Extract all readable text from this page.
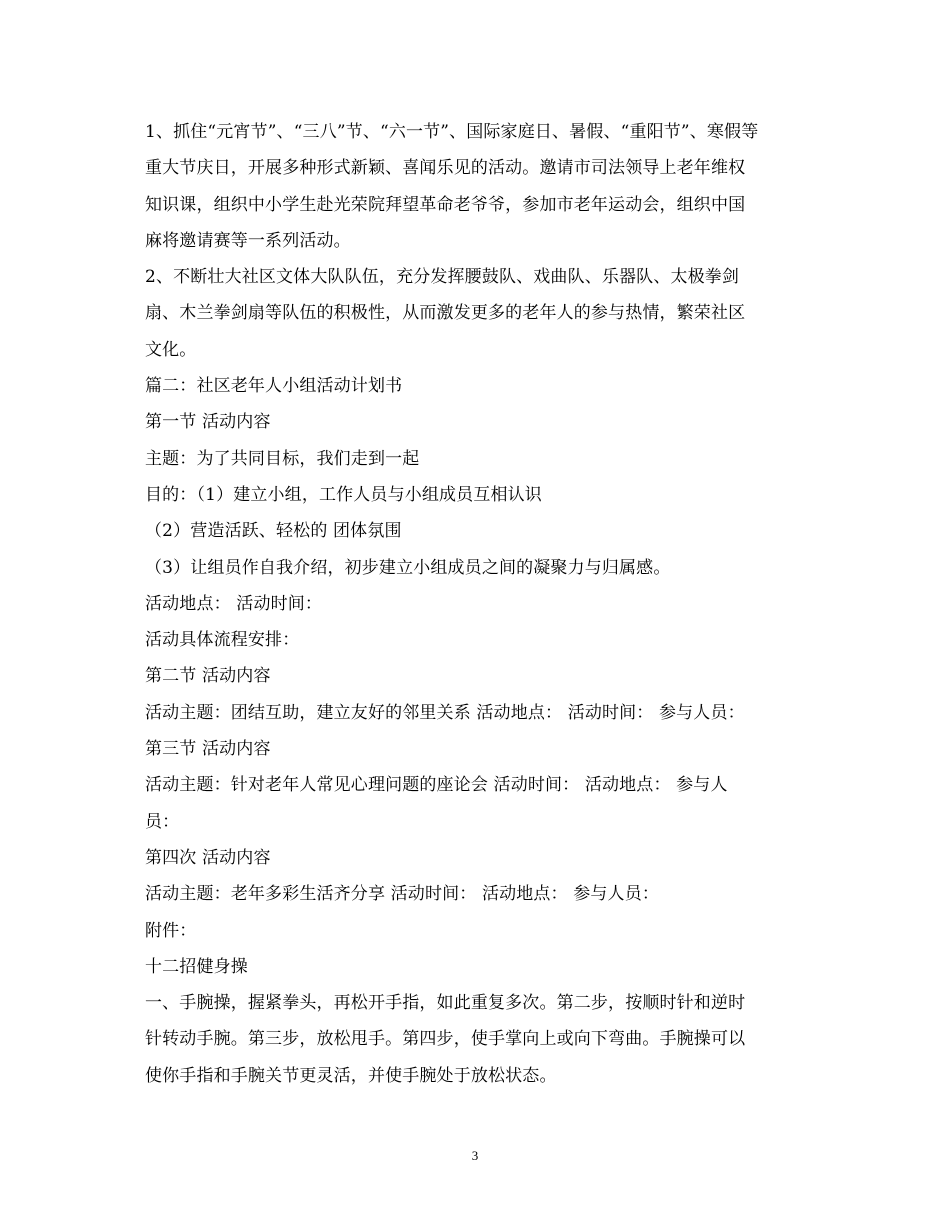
1、抓住“元宵节”、“三八”节、“六一节”、国际家庭日、暑假、“重阳节”、寒假等
重大节庆日，开展多种形式新颖、喜闻乐见的活动。邀请市司法领导上老年维权
知识课，组织中小学生赴光荣院拜望革命老爷爷，参加市老年运动会，组织中国
麻将邀请赛等一系列活动。
2、不断壮大社区文体大队队伍，充分发挥腰鼓队、戏曲队、乐器队、太极拳剑
扇、木兰拳剑扇等队伍的积极性，从而激发更多的老年人的参与热情，繁荣社区
文化。
篇二：社区老年人小组活动计划书
第一节 活动内容
主题：为了共同目标，我们走到一起
目的：（1）建立小组，工作人员与小组成员互相认识
（2）营造活跃、轻松的 团体氛围
（3）让组员作自我介绍，初步建立小组成员之间的凝聚力与归属感。
活动地点： 活动时间：
活动具体流程安排：
第二节 活动内容
活动主题：团结互助，建立友好的邻里关系 活动地点： 活动时间： 参与人员：
第三节 活动内容
活动主题：针对老年人常见心理问题的座论会 活动时间： 活动地点： 参与人
员：
第四次 活动内容
活动主题：老年多彩生活齐分享 活动时间： 活动地点： 参与人员：
附件：
十二招健身操
一、手腕操，握紧拳头，再松开手指，如此重复多次。第二步，按顺时针和逆时
针转动手腕。第三步，放松甩手。第四步，使手掌向上或向下弯曲。手腕操可以
使你手指和手腕关节更灵活，并使手腕处于放松状态。
3
